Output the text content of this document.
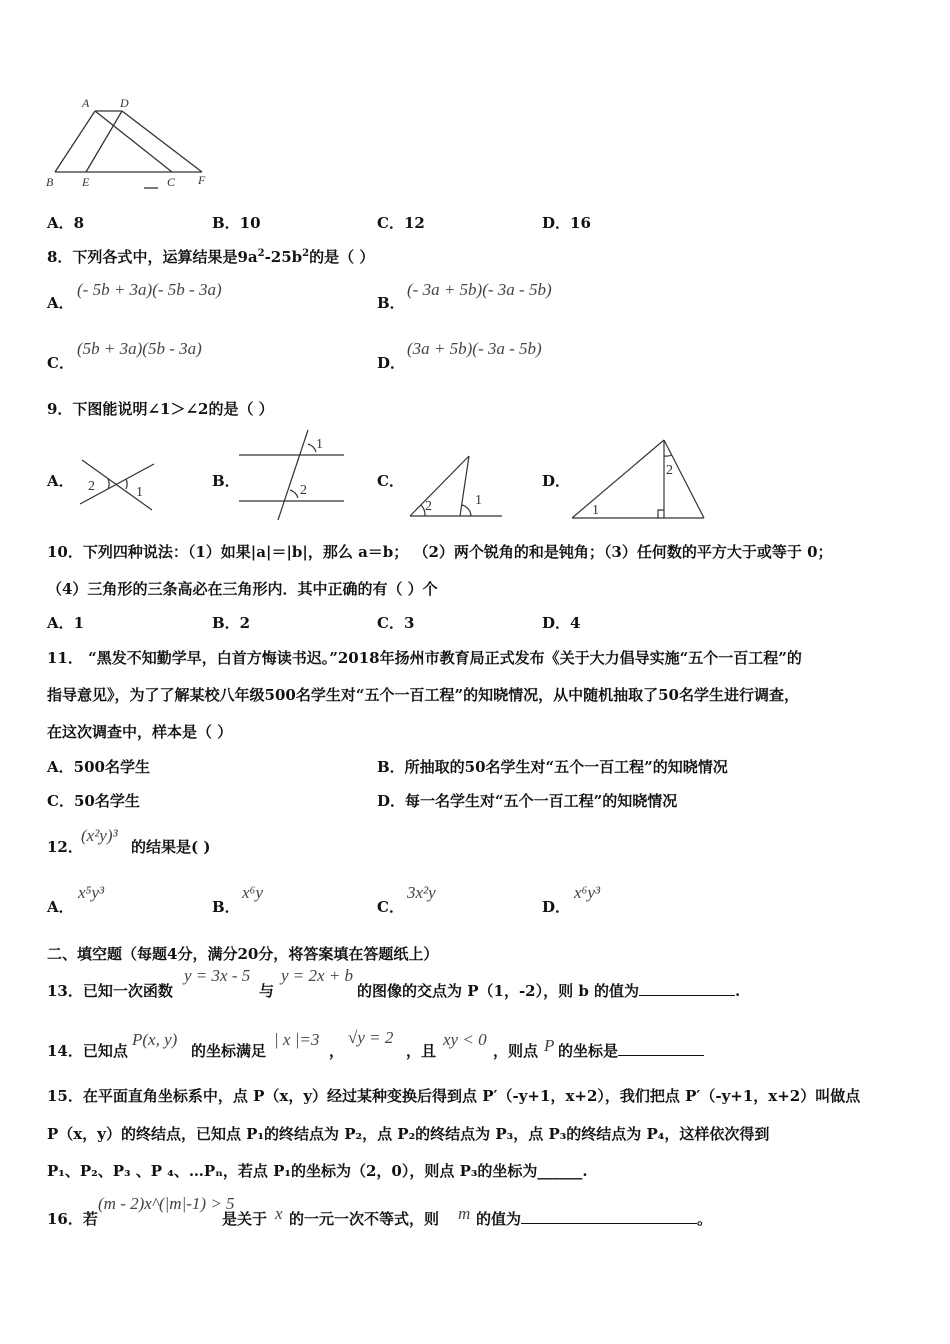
A	D
B E	C F
A．8	B．10	C．12	D．16
8．下列各式中，运算结果是$9a^2-25b^2$的是（ ）
A．
(- 5b + 3a)(- 5b - 3a)
B．
(- 3a + 5b)(- 3a - 5b)
C．
(5b + 3a)(5b - 3a)
D．
(3a + 5b)(- 3a - 5b)
9．下图能说明∠1＞∠2的是（ ）
A． 2	1
B．
1
2
C．
2	1
D．
2
1
10．下列四种说法：（1）如果|a|＝|b|，那么 a＝b； （2）两个锐角的和是钝角；（3）任何数的平方大于或等于 0；
（4）三角形的三条高必在三角形内．其中正确的有（ ）个
A．1	B．2	C．3	D．4
11． “黑发不知勤学早，白首方悔读书迟。”2018年扬州市教育局正式发布《关于大力倡导实施“五个一百工程”的
指导意见》，为了了解某校八年级500名学生对“五个一百工程”的知晓情况，从中随机抽取了50名学生进行调查，
在这次调查中，样本是（ ）
A．500名学生	B．所抽取的50名学生对“五个一百工程”的知晓情况
C．50名学生	D．每一名学生对“五个一百工程”的知晓情况
12．
(x²y)³
的结果是( )
A．
x⁵y³
B．
x⁶y
C．
3x²y
D．
x⁶y³
二、填空题（每题4分，满分20分，将答案填在答题纸上）
13．已知一次函数
y = 3x - 5
与
y = 2x + b
的图像的交点为 P（1，-2），则 b 的值为	.
14．已知点
P(x, y)
的坐标满足
| x |=3
，
√y = 2
，且
xy < 0
，则点 P 的坐标是
15．在平面直角坐标系中，点 P（x，y）经过某种变换后得到点 P′（-y+1，x+2），我们把点 P′（-y+1，x+2）叫做点
P（x，y）的终结点，已知点 P₁的终结点为 P₂，点 P₂的终结点为 P₃，点 P₃的终结点为 P₄，这样依次得到
P₁、P₂、P₃ 、P ₄、…Pₙ，若点 P₁的坐标为（2，0），则点 P₃的坐标为______.
16．若
(m - 2)x^(|m|-1) > 5
是关于 x 的一元一次不等式，则 m 的值为	。
